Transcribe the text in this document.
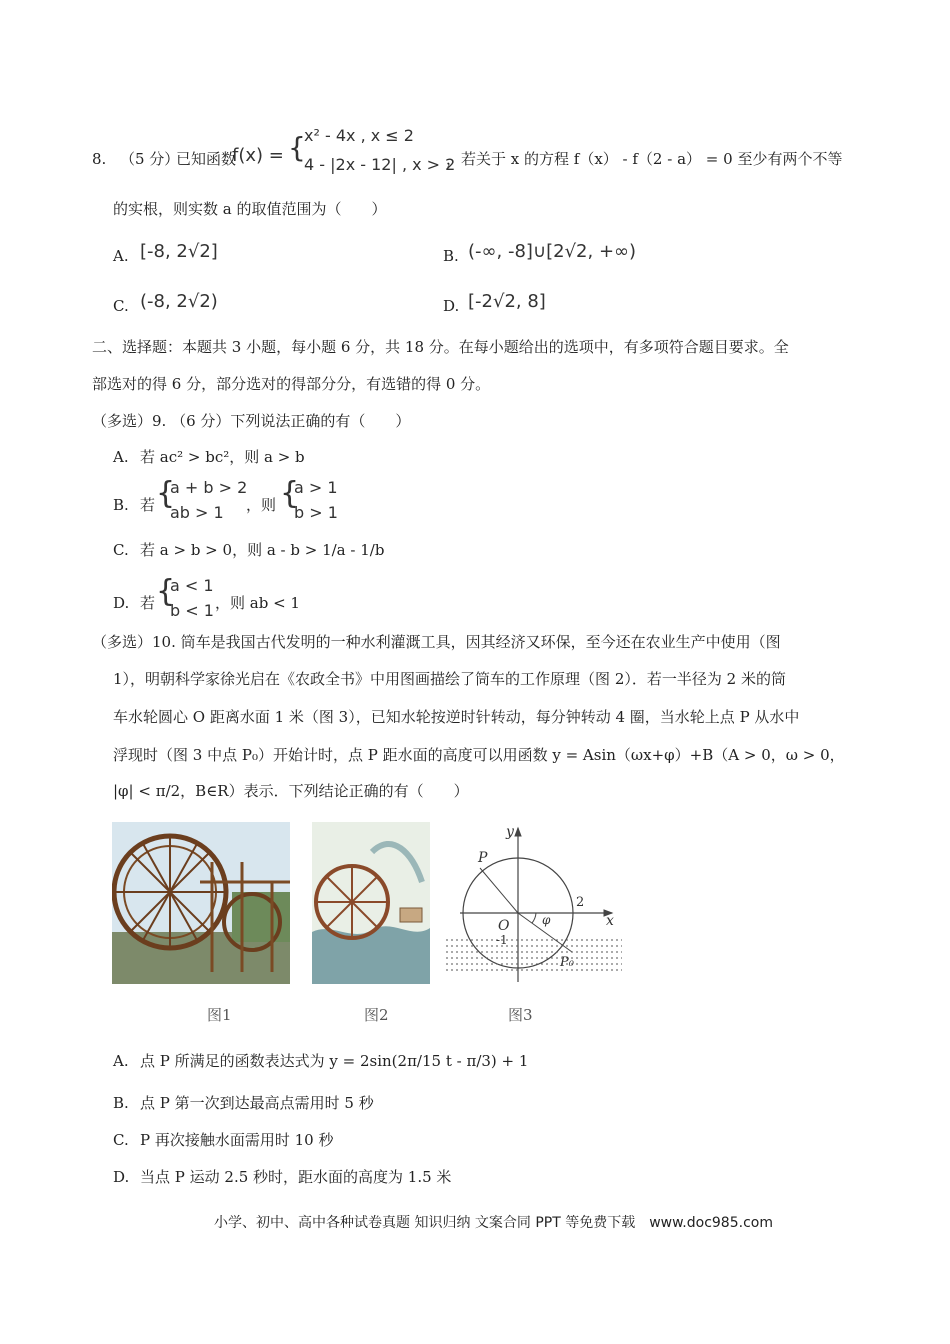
8. （5 分）
已知函数
f(x) = {
x² - 4x , x ≤ 2
4 - |2x - 12| , x > 2
，若关于 x 的方程 f（x） - f（2 - a） = 0 至少有两个不等
的实根，则实数 a 的取值范围为（　　）
A. [-8, 2√2]	B. (-∞, -8]∪[2√2, +∞)
C. (-8, 2√2)	D. [-2√2, 8]
二、选择题：本题共 3 小题，每小题 6 分，共 18 分。在每小题给出的选项中，有多项符合题目要求。全
部选对的得 6 分，部分选对的得部分分，有选错的得 0 分。
（多选）9. （6 分）下列说法正确的有（　　）
A. 若 ac² > bc²，则 a > b
B. 若 {
a + b > 2
ab > 1 ，则 {
a > 1
b > 1
C. 若 a > b > 0，则 a - b > 1/a - 1/b
D. 若 {
a < 1
b < 1 ，则 ab < 1
（多选）10. 筒车是我国古代发明的一种水利灌溉工具，因其经济又环保，至今还在农业生产中使用（图
1），明朝科学家徐光启在《农政全书》中用图画描绘了筒车的工作原理（图 2）．若一半径为 2 米的筒
车水轮圆心 O 距离水面 1 米（图 3），已知水轮按逆时针转动，每分钟转动 4 圈，当水轮上点 P 从水中
浮现时（图 3 中点 P₀）开始计时，点 P 距水面的高度可以用函数 y = Asin（ωx+φ）+B（A > 0，ω > 0，
|φ| < π/2，B∈R）表示．下列结论正确的有（　　）
图1	图2
y
x
P
O
2
φ
-1
P₀
图3
A. 点 P 所满足的函数表达式为 y = 2sin(2π/15 t - π/3) + 1
B. 点 P 第一次到达最高点需用时 5 秒
C. P 再次接触水面需用时 10 秒
D. 当点 P 运动 2.5 秒时，距水面的高度为 1.5 米
小学、初中、高中各种试卷真题 知识归纳 文案合同 PPT 等免费下载　www.doc985.com
